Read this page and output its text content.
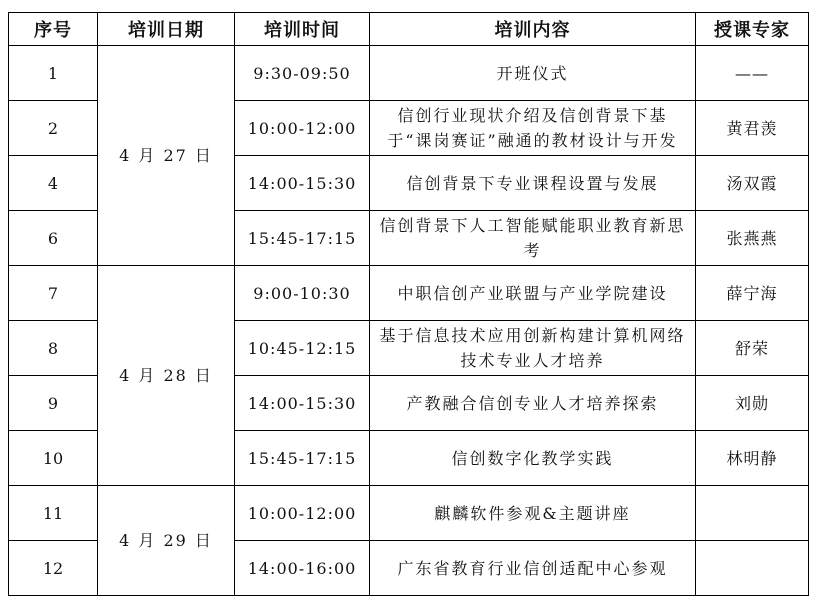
序号	培训日期	培训时间	培训内容	授课专家
1	4 月 27 日	9:30-09:50	开班仪式	——
2		10:00-12:00	信创行业现状介绍及信创背景下基于“课岗赛证”融通的教材设计与开发	黄君羡
4		14:00-15:30	信创背景下专业课程设置与发展	汤双霞
6		15:45-17:15	信创背景下人工智能赋能职业教育新思考	张燕燕
7	4 月 28 日	9:00-10:30	中职信创产业联盟与产业学院建设	薛宁海
8		10:45-12:15	基于信息技术应用创新构建计算机网络技术专业人才培养	舒荣
9		14:00-15:30	产教融合信创专业人才培养探索	刘勋
10		15:45-17:15	信创数字化教学实践	林明静
11	4 月 29 日	10:00-12:00	麒麟软件参观&主题讲座	
12		14:00-16:00	广东省教育行业信创适配中心参观	
